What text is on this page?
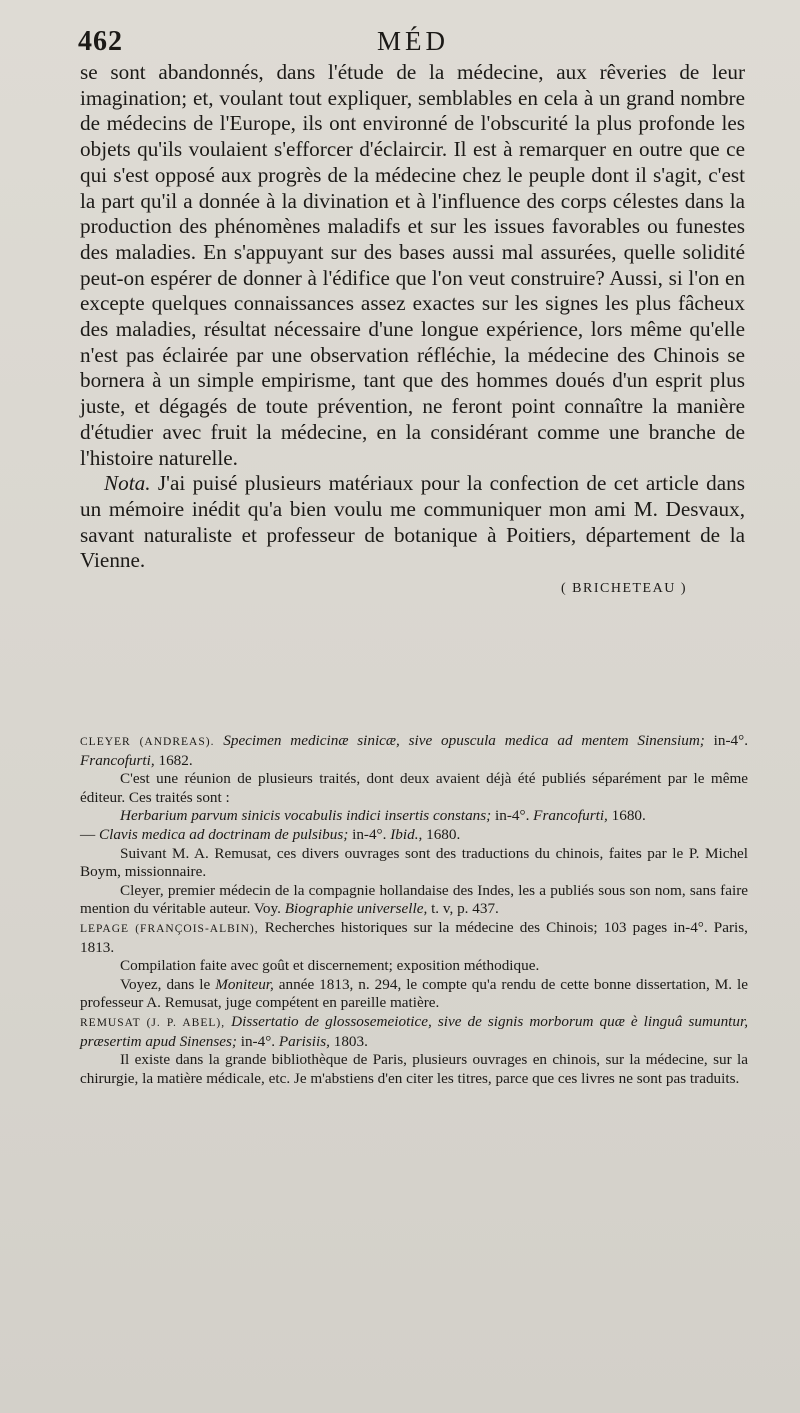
462	MÉD

se sont abandonnés, dans l'étude de la médecine, aux rêveries de leur imagination; et, voulant tout expliquer, semblables en cela à un grand nombre de médecins de l'Europe, ils ont environné de l'obscurité la plus profonde les objets qu'ils voulaient s'efforcer d'éclaircir. Il est à remarquer en outre que ce qui s'est opposé aux progrès de la médecine chez le peuple dont il s'agit, c'est la part qu'il a donnée à la divination et à l'influence des corps célestes dans la production des phénomènes maladifs et sur les issues favorables ou funestes des maladies. En s'appuyant sur des bases aussi mal assurées, quelle solidité peut-on espérer de donner à l'édifice que l'on veut construire? Aussi, si l'on en excepte quelques connaissances assez exactes sur les signes les plus fâcheux des maladies, résultat nécessaire d'une longue expérience, lors même qu'elle n'est pas éclairée par une observation réfléchie, la médecine des Chinois se bornera à un simple empirisme, tant que des hommes doués d'un esprit plus juste, et dégagés de toute prévention, ne feront point connaître la manière d'étudier avec fruit la médecine, en la considérant comme une branche de l'histoire naturelle.

Nota. J'ai puisé plusieurs matériaux pour la confection de cet article dans un mémoire inédit qu'a bien voulu me communiquer mon ami M. Desvaux, savant naturaliste et professeur de botanique à Poitiers, département de la Vienne.

( BRICHETEAU )

CLEYER (ANDREAS). Specimen medicinæ sinicæ, sive opuscula medica ad mentem Sinensium; in-4°. Francofurti, 1682.

C'est une réunion de plusieurs traités, dont deux avaient déjà été publiés séparément par le même éditeur. Ces traités sont :

Herbarium parvum sinicis vocabulis indici insertis constans; in-4°. Francofurti, 1680.

— Clavis medica ad doctrinam de pulsibus; in-4°. Ibid., 1680.

Suivant M. A. Remusat, ces divers ouvrages sont des traductions du chinois, faites par le P. Michel Boym, missionnaire.

Cleyer, premier médecin de la compagnie hollandaise des Indes, les a publiés sous son nom, sans faire mention du véritable auteur. Voy. Biographie universelle, t. v, p. 437.

LEPAGE (FRANÇOIS-ALBIN), Recherches historiques sur la médecine des Chinois; 103 pages in-4°. Paris, 1813.

Compilation faite avec goût et discernement; exposition méthodique.

Voyez, dans le Moniteur, année 1813, n. 294, le compte qu'a rendu de cette bonne dissertation, M. le professeur A. Remusat, juge compétent en pareille matière.

REMUSAT (J. P. ABEL), Dissertatio de glossosemeiotice, sive de signis morborum quæ è linguâ sumuntur, præsertim apud Sinenses; in-4°. Parisiis, 1803.

Il existe dans la grande bibliothèque de Paris, plusieurs ouvrages en chinois, sur la médecine, sur la chirurgie, la matière médicale, etc. Je m'abstiens d'en citer les titres, parce que ces livres ne sont pas traduits.
